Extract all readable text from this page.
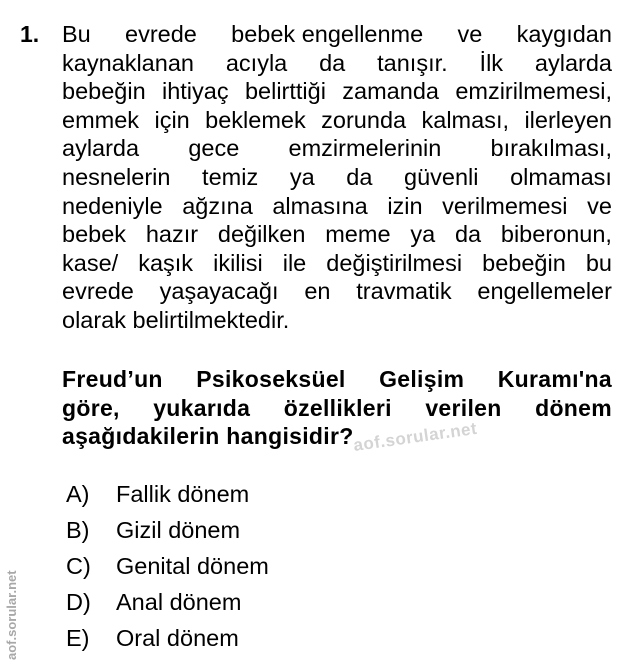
1. Bu evrede bebek engellenme ve kaygıdan
kaynaklanan acıyla da tanışır. İlk aylarda
bebeğin ihtiyaç belirttiği zamanda emzirilmemesi,
emmek için beklemek zorunda kalması, ilerleyen
aylarda gece emzirmelerinin bırakılması,
nesnelerin temiz ya da güvenli olmaması
nedeniyle ağzına almasına izin verilmemesi ve
bebek hazır değilken meme ya da biberonun,
kase/ kaşık ikilisi ile değiştirilmesi bebeğin bu
evrede yaşayacağı en travmatik engellemeler
olarak belirtilmektedir.
Freud’un Psikoseksüel Gelişim Kuramı'na
göre, yukarıda özellikleri verilen dönem
aşağıdakilerin hangisidir?
A)	Fallik dönem
B)	Gizil dönem
C)	Genital dönem
D)	Anal dönem
E)	Oral dönem
aof.sorular.net
aof.sorular.net
